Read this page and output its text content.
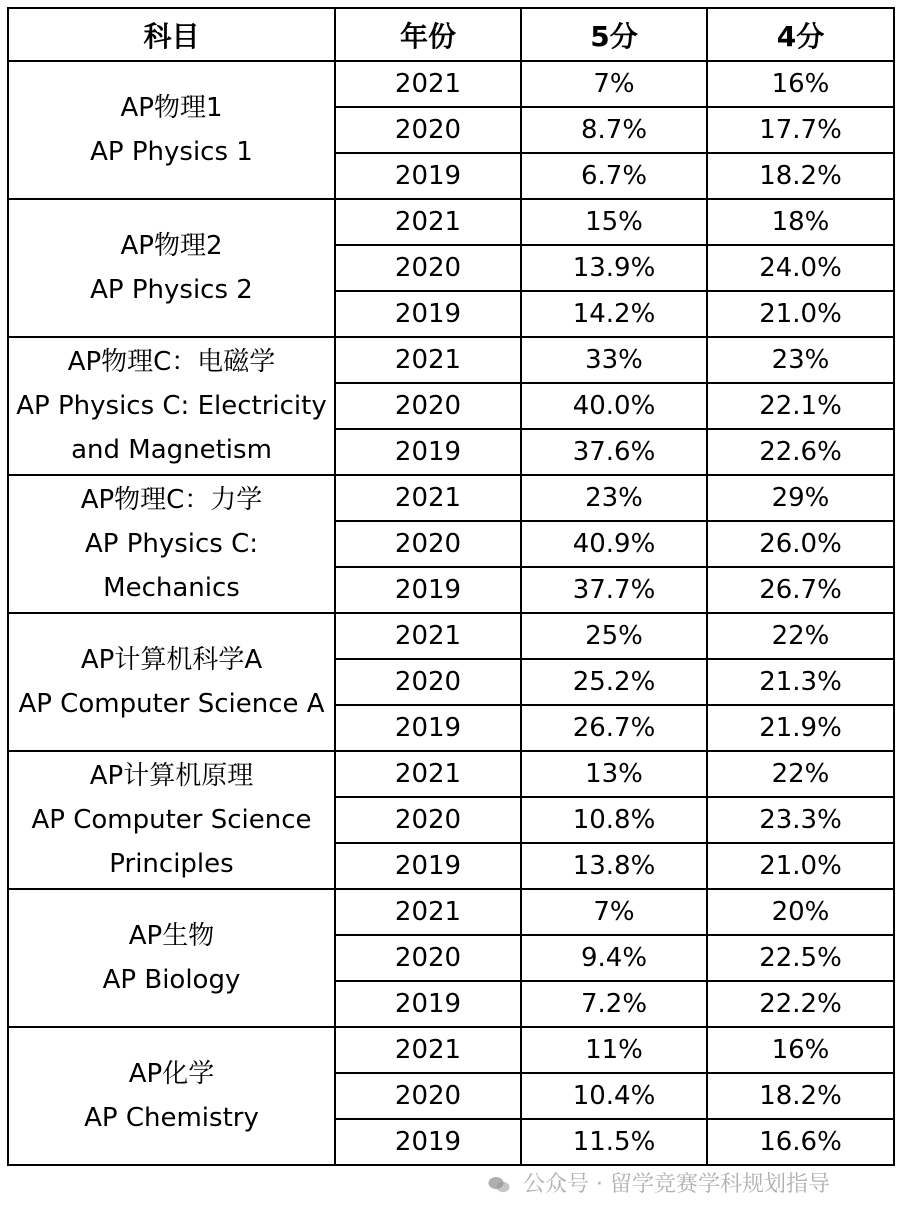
科目	年份	5分	4分

AP物理1
AP Physics 1	2021	7%	16%
	2020	8.7%	17.7%
	2019	6.7%	18.2%

AP物理2
AP Physics 2	2021	15%	18%
	2020	13.9%	24.0%
	2019	14.2%	21.0%

AP物理C：电磁学
AP Physics C: Electricity
and Magnetism	2021	33%	23%
	2020	40.0%	22.1%
	2019	37.6%	22.6%

AP物理C：力学
AP Physics C:
Mechanics	2021	23%	29%
	2020	40.9%	26.0%
	2019	37.7%	26.7%

AP计算机科学A
AP Computer Science A	2021	25%	22%
	2020	25.2%	21.3%
	2019	26.7%	21.9%

AP计算机原理
AP Computer Science
Principles	2021	13%	22%
	2020	10.8%	23.3%
	2019	13.8%	21.0%

AP生物
AP Biology	2021	7%	20%
	2020	9.4%	22.5%
	2019	7.2%	22.2%

AP化学
AP Chemistry	2021	11%	16%
	2020	10.4%	18.2%
	2019	11.5%	16.6%
公众号 · 留学竞赛学科规划指导
